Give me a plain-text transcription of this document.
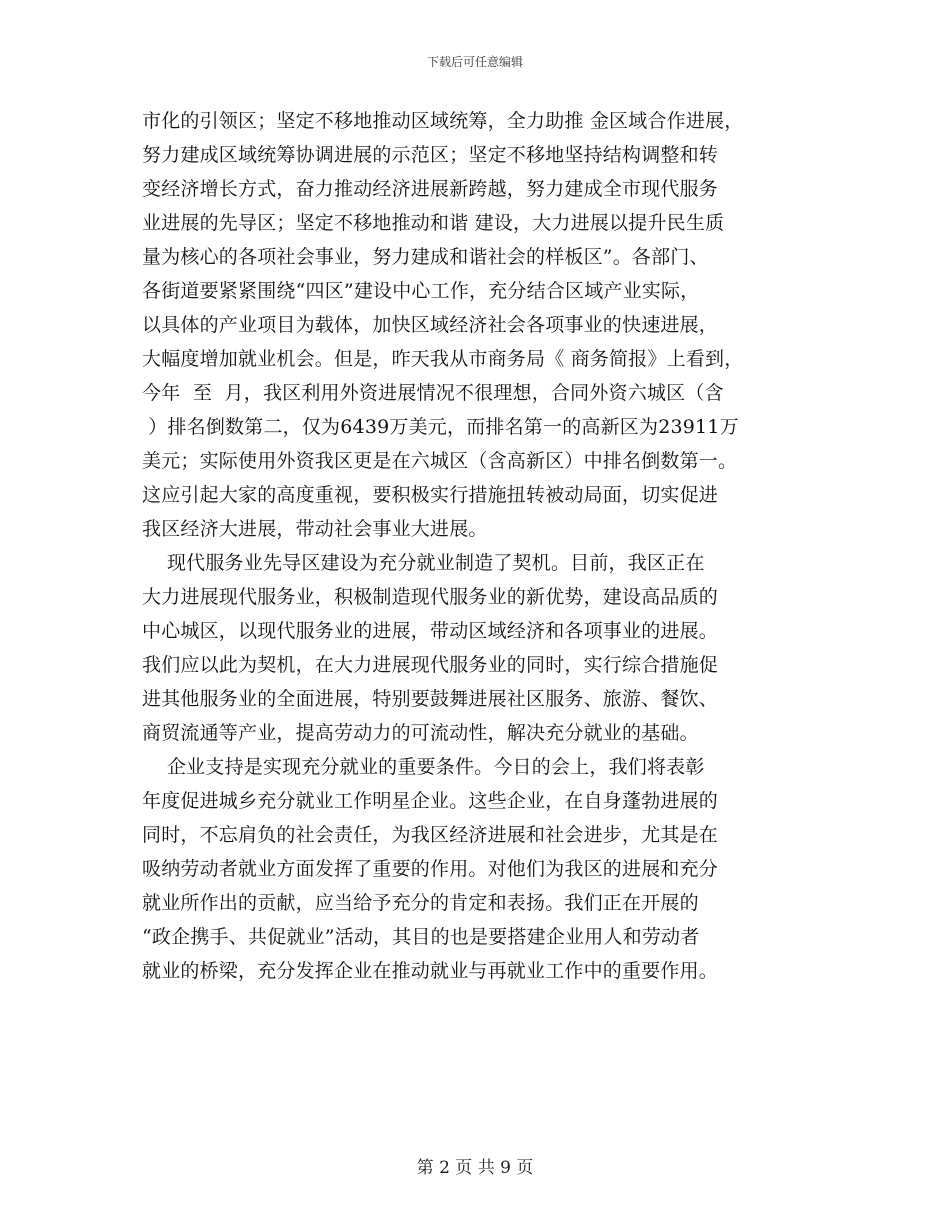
下载后可任意编辑
市化的引领区；坚定不移地推动区域统筹，全力助推 金区域合作进展，
努力建成区域统筹协调进展的示范区；坚定不移地坚持结构调整和转
变经济增长方式，奋力推动经济进展新跨越，努力建成全市现代服务
业进展的先导区；坚定不移地推动和谐 建设，大力进展以提升民生质
量为核心的各项社会事业，努力建成和谐社会的样板区”。各部门、
各街道要紧紧围绕“四区”建设中心工作，充分结合区域产业实际，
以具体的产业项目为载体，加快区域经济社会各项事业的快速进展，
大幅度增加就业机会。但是，昨天我从市商务局《 商务简报》上看到，
今年  至  月，我区利用外资进展情况不很理想，合同外资六城区（含
）排名倒数第二，仅为6439万美元，而排名第一的高新区为23911万
美元；实际使用外资我区更是在六城区（含高新区）中排名倒数第一。
这应引起大家的高度重视，要积极实行措施扭转被动局面，切实促进
我区经济大进展，带动社会事业大进展。
现代服务业先导区建设为充分就业制造了契机。目前，我区正在
大力进展现代服务业，积极制造现代服务业的新优势，建设高品质的
中心城区，以现代服务业的进展，带动区域经济和各项事业的进展。
我们应以此为契机，在大力进展现代服务业的同时，实行综合措施促
进其他服务业的全面进展，特别要鼓舞进展社区服务、旅游、餐饮、
商贸流通等产业，提高劳动力的可流动性，解决充分就业的基础。
企业支持是实现充分就业的重要条件。今日的会上，我们将表彰
年度促进城乡充分就业工作明星企业。这些企业，在自身蓬勃进展的
同时，不忘肩负的社会责任，为我区经济进展和社会进步，尤其是在
吸纳劳动者就业方面发挥了重要的作用。对他们为我区的进展和充分
就业所作出的贡献，应当给予充分的肯定和表扬。我们正在开展的
“政企携手、共促就业”活动，其目的也是要搭建企业用人和劳动者
就业的桥梁，充分发挥企业在推动就业与再就业工作中的重要作用。
第 2 页 共 9 页
